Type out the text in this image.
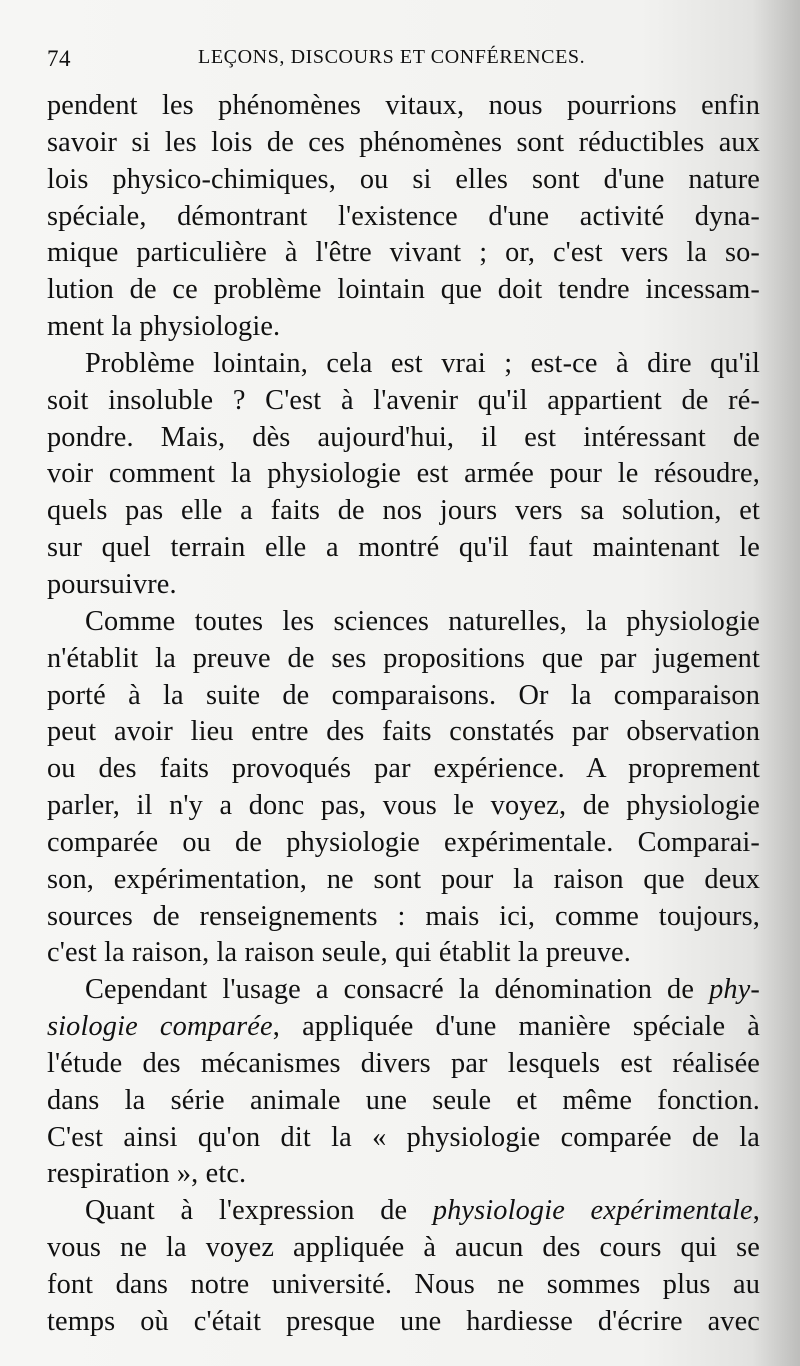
74	LEÇONS, DISCOURS ET CONFÉRENCES.
pendent les phénomènes vitaux, nous pourrions enfin
savoir si les lois de ces phénomènes sont réductibles aux
lois physico-chimiques, ou si elles sont d'une nature
spéciale, démontrant l'existence d'une activité dyna-
mique particulière à l'être vivant ; or, c'est vers la so-
lution de ce problème lointain que doit tendre incessam-
ment la physiologie.
Problème lointain, cela est vrai ; est-ce à dire qu'il
soit insoluble ? C'est à l'avenir qu'il appartient de ré-
pondre. Mais, dès aujourd'hui, il est intéressant de
voir comment la physiologie est armée pour le résoudre,
quels pas elle a faits de nos jours vers sa solution, et
sur quel terrain elle a montré qu'il faut maintenant le
poursuivre.
Comme toutes les sciences naturelles, la physiologie
n'établit la preuve de ses propositions que par jugement
porté à la suite de comparaisons. Or la comparaison
peut avoir lieu entre des faits constatés par observation
ou des faits provoqués par expérience. A proprement
parler, il n'y a donc pas, vous le voyez, de physiologie
comparée ou de physiologie expérimentale. Comparai-
son, expérimentation, ne sont pour la raison que deux
sources de renseignements : mais ici, comme toujours,
c'est la raison, la raison seule, qui établit la preuve.
Cependant l'usage a consacré la dénomination de phy-
siologie comparée, appliquée d'une manière spéciale à
l'étude des mécanismes divers par lesquels est réalisée
dans la série animale une seule et même fonction.
C'est ainsi qu'on dit la « physiologie comparée de la
respiration », etc.
Quant à l'expression de physiologie expérimentale,
vous ne la voyez appliquée à aucun des cours qui se
font dans notre université. Nous ne sommes plus au
temps où c'était presque une hardiesse d'écrire avec
